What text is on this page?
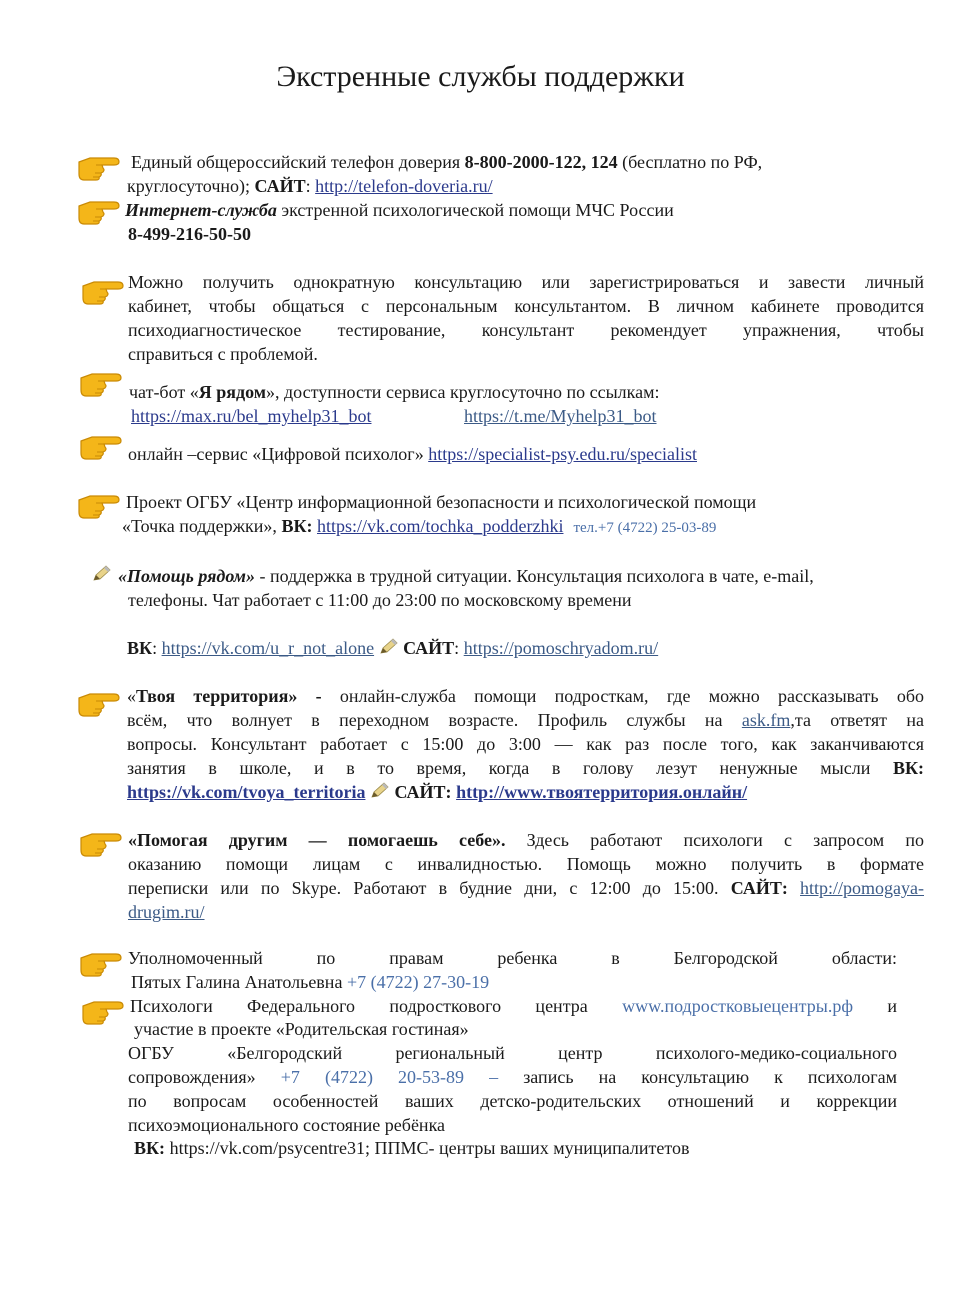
Экстренные службы поддержки
Единый общероссийский телефон доверия 8-800-2000-122, 124 (бесплатно по РФ,
круглосуточно); САЙТ: http://telefon-doveria.ru/
Интернет-служба экстренной психологической помощи МЧС России
8-499-216-50-50
Можно получить однократную консультацию или зарегистрироваться и завести личный
кабинет, чтобы общаться с персональным консультантом. В личном кабинете проводится
психодиагностическое тестирование, консультант рекомендует упражнения, чтобы
справиться с проблемой.
чат-бот «Я рядом», доступности сервиса круглосуточно по ссылкам:
https://max.ru/bel_myhelp31_bot	https://t.me/Myhelp31_bot
онлайн –сервис «Цифровой психолог» https://specialist-psy.edu.ru/specialist
Проект ОГБУ «Центр информационной безопасности и психологической помощи
«Точка поддержки», ВК: https://vk.com/tochka_podderzhki тел.+7 (4722) 25-03-89
«Помощь рядом» - поддержка в трудной ситуации. Консультация психолога в чате, e-mail,
телефоны. Чат работает с 11:00 до 23:00 по московскому времени
ВК: https://vk.com/u_r_not_alone  САЙТ: https://pomoschryadom.ru/
«Твоя территория» - онлайн-служба помощи подросткам, где можно рассказывать обо
всём, что волнует в переходном возрасте. Профиль службы на ask.fm,та ответят на
вопросы. Консультант работает с 15:00 до 3:00 — как раз после того, как заканчиваются
занятия в школе, и в то время, когда в голову лезут ненужные мысли ВК:
https://vk.com/tvoya_territoria  САЙТ: http://www.твоятерритория.онлайн/
«Помогая другим — помогаешь себе». Здесь работают психологи с запросом по
оказанию помощи лицам с инвалидностью. Помощь можно получить в формате
переписки или по Skype. Работают в будние дни, с 12:00 до 15:00. САЙТ: http://pomogaya-
drugim.ru/
Уполномоченный по правам ребенка в Белгородской области:
Пятых Галина Анатольевна +7 (4722) 27-30-19
Психологи Федерального подросткового центра www.подростковыецентры.рф и
участие в проекте «Родительская гостиная»
ОГБУ «Белгородский региональный центр психолого-медико-социального
сопровождения» +7 (4722) 20-53-89 – запись на консультацию к психологам
по вопросам особенностей ваших детско-родительских отношений и коррекции
психоэмоционального состояние ребёнка
ВК: https://vk.com/psycentre31; ППМС- центры ваших муниципалитетов
